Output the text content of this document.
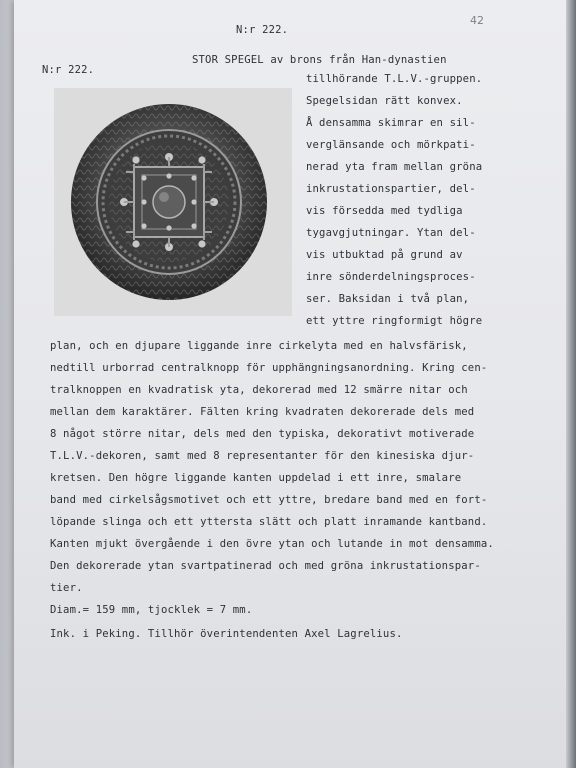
42
N:r 222.
N:r 222.
STOR SPEGEL av brons från Han-dynastien
tillhörande T.L.V.-gruppen.
Spegelsidan rätt konvex.
Å densamma skimrar en sil-
verglänsande och mörkpati-
nerad yta fram mellan gröna
inkrustationspartier, del-
vis försedda med tydliga
tygavgjutningar. Ytan del-
vis utbuktad på grund av
inre sönderdelningsproces-
ser. Baksidan i två plan,
ett yttre ringformigt högre
plan, och en djupare liggande inre cirkelyta med en halvsfärisk,
nedtill urborrad centralknopp för upphängningsanordning. Kring cen-
tralknoppen en kvadratisk yta, dekorerad med 12 smärre nitar och
mellan dem karaktärer. Fälten kring kvadraten dekorerade dels med
8 något större nitar, dels med den typiska, dekorativt motiverade
T.L.V.-dekoren, samt med 8 representanter för den kinesiska djur-
kretsen. Den högre liggande kanten uppdelad i ett inre, smalare
band med cirkelsågsmotivet och ett yttre, bredare band med en fort-
löpande slinga och ett yttersta slätt och platt inramande kantband.
Kanten mjukt övergående i den övre ytan och lutande in mot densamma.
Den dekorerade ytan svartpatinerad och med gröna inkrustationspar-
tier.
Diam.= 159 mm, tjocklek = 7 mm.
Ink. i Peking. Tillhör överintendenten Axel Lagrelius.
